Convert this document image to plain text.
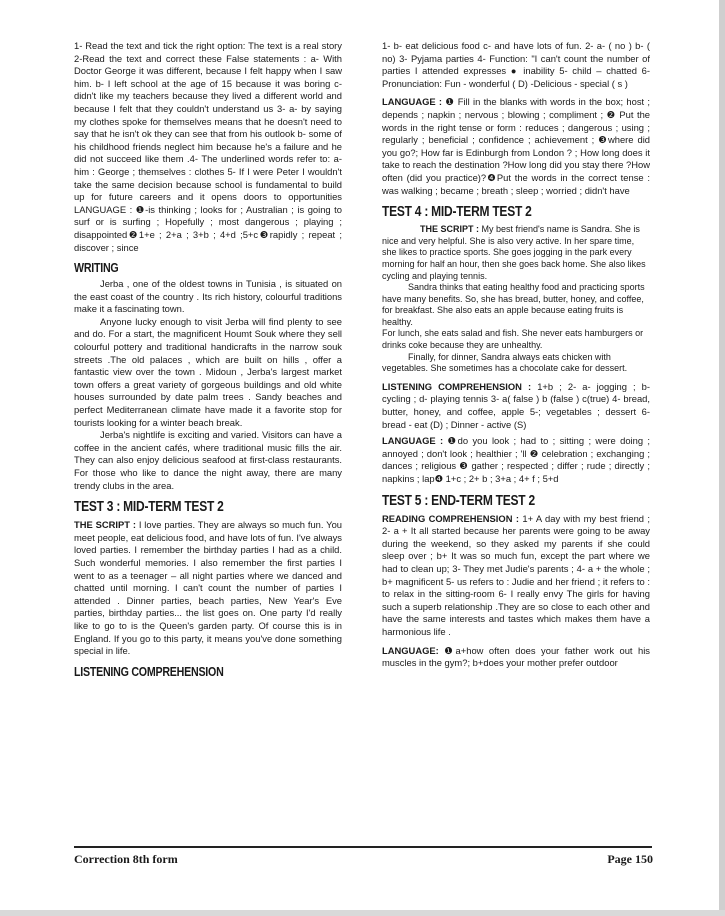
1- Read the text and tick the right option: The text is a real story 2-Read the text and correct these False statements : a- With Doctor George it was different, because I felt happy when I saw him. b- I left school at the age of 15 because it was boring c- didn't like my teachers because they lived a different world and because I felt that they couldn't understand us 3- a- by saying my clothes spoke for themselves means that he doesn't need to say that he isn't ok they can see that from his outlook b- some of his childhood friends neglect him because he's a failure and he did not succeed like them .4- The underlined words refer to: a- him : George ; themselves : clothes 5- If I were Peter I wouldn't take the same decision because school is fundamental to build up for future careers and it opens doors to opportunities LANGUAGE : ❶-is thinking ; looks for ; Australian ; is going to surf or is surfing ; Hopefully ; most dangerous ; playing ; disappointed❷1+e ; 2+a ; 3+b ; 4+d ;5+c❸rapidly ; repeat ; discover ; since

WRITING

Jerba , one of the oldest towns in Tunisia , is situated on the east coast of the country . Its rich history, colourful traditions make it a fascinating town.

Anyone lucky enough to visit Jerba will find plenty to see and do. For a start, the magnificent Houmt Souk where they sell colourful pottery and traditional handicrafts in the narrow souk streets .The old palaces , which are built on hills , offer a fantastic view over the town . Midoun , Jerba's largest market town offers a great variety of gorgeous buildings and old white houses surrounded by date palm trees . Sandy beaches and perfect Mediterranean climate have made it a favorite stop for tourists looking for a winter beach break.

Jerba's nightlife is exciting and varied. Visitors can have a coffee in the ancient cafés, where traditional music fills the air. They can also enjoy delicious seafood at first-class restaurants. For those who like to dance the night away, there are many trendy clubs in the area.

TEST 3 : MID-TERM TEST 2

THE SCRIPT : I love parties. They are always so much fun. You meet people, eat delicious food, and have lots of fun. I've always loved parties. I remember the birthday parties I had as a child. Such wonderful memories. I also remember the first parties I went to as a teenager – all night parties where we danced and chatted until morning. I can't count the number of parties I attended . Dinner parties, beach parties, New Year's Eve parties, birthday parties... the list goes on. One party I'd really like to go to is the Queen's garden party. Of course this is in England. If you go to this party, it means you've done something special in life.

LISTENING COMPREHENSION

1- b- eat delicious food c- and have lots of fun. 2- a- ( no ) b- ( no) 3- Pyjama parties 4- Function: "I can't count the number of parties I attended expresses ● inability 5- child – chatted 6- Pronunciation: Fun - wonderful ( D) -Delicious - special ( s )

LANGUAGE : ❶ Fill in the blanks with words in the box; host ; depends ; napkin ; nervous ; blowing ; compliment ; ❷ Put the words in the right tense or form : reduces ; dangerous ; using ; regularly ; beneficial ; confidence ; achievement ; ❸where did you go?; How far is Edinburgh from London ? ; How long does it take to reach the destination ?How long did you stay there ?How often (did you practice)?❹Put the words in the correct tense : was walking ; became ; breath ; sleep ; worried ; didn't have

TEST 4 : MID-TERM TEST 2

THE SCRIPT : My best friend's name is Sandra. She is nice and very helpful. She is also very active. In her spare time, she likes to practice sports. She goes jogging in the park every morning for half an hour, then she goes back home. She also likes cycling and playing tennis.

Sandra thinks that eating healthy food and practicing sports have many benefits. So, she has bread, butter, honey, and coffee, for breakfast. She also eats an apple because eating fruits is healthy.

For lunch, she eats salad and fish. She never eats hamburgers or drinks coke because they are unhealthy.

Finally, for dinner, Sandra always eats chicken with vegetables. She sometimes has a chocolate cake for dessert.

LISTENING COMPREHENSION : 1+b ; 2- a- jogging ; b- cycling ; d- playing tennis 3- a( false ) b (false ) c(true) 4- bread, butter, honey, and coffee, apple 5-; vegetables ; dessert 6- bread - eat (D) ; Dinner - active (S)

LANGUAGE : ❶do you look ; had to ; sitting ; were doing ; annoyed ; don't look ; healthier ; 'll ❷ celebration ; exchanging ; dances ; religious ❸ gather ; respected ; differ ; rude ; directly ; napkins ; lap❹ 1+c ; 2+ b ; 3+a ; 4+ f ; 5+d

TEST 5 : END-TERM TEST 2

READING COMPREHENSION : 1+ A day with my best friend ; 2- a + It all started because her parents were going to be away during the weekend, so they asked my parents if she could sleep over ; b+ It was so much fun, except the part where we had to clean up; 3- They met Judie's parents ; 4- a + the whole ; b+ magnificent 5- us refers to : Judie and her friend ; it refers to : to relax in the sitting-room 6- I really envy The girls for having such a superb relationship .They are so close to each other and have the same interests and tastes which makes them have a harmonious life .

LANGUAGE: ❶a+how often does your father work out his muscles in the gym?; b+does your mother prefer outdoor

Correction 8th form	Page 150
